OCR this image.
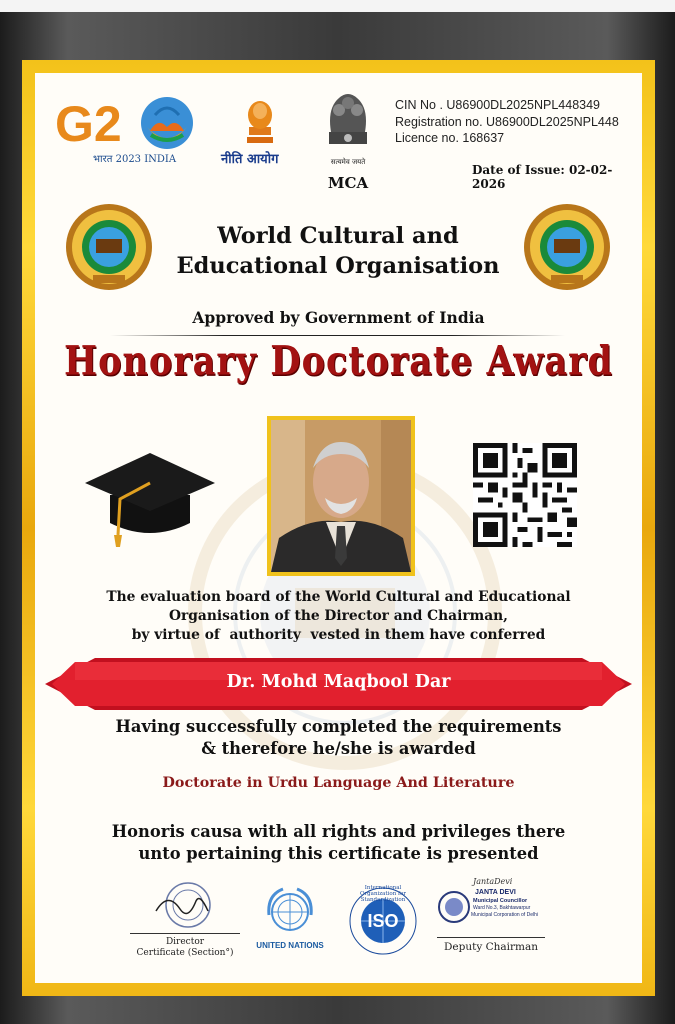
G2
भारत 2023 INDIA	नीति आयोग	सत्यमेव जयते
MCA
CIN No . U86900DL2025NPL448349
Registration no. U86900DL2025NPL448
Licence no. 168637
Date of Issue: 02-02-2026
World Cultural and
Educational Organisation
Approved by Government of India
Honorary Doctorate Award
The evaluation board of the World Cultural and Educational
Organisation of the Director and Chairman,
by virtue of  authority  vested in them have conferred
Dr. Mohd Maqbool Dar
Having successfully completed the requirements
& therefore he/she is awarded
Doctorate in Urdu Language And Literature
Honoris causa with all rights and privileges there
unto pertaining this certificate is presented
Director
Certificate (Section°)
UNITED NATIONS
International Organization for Standardization
ISO
JantaDevi
JANTA DEVI
Municipal Councillor
Ward No.3, Bakhtawarpur
Municipal Corporation of Delhi
Deputy Chairman
